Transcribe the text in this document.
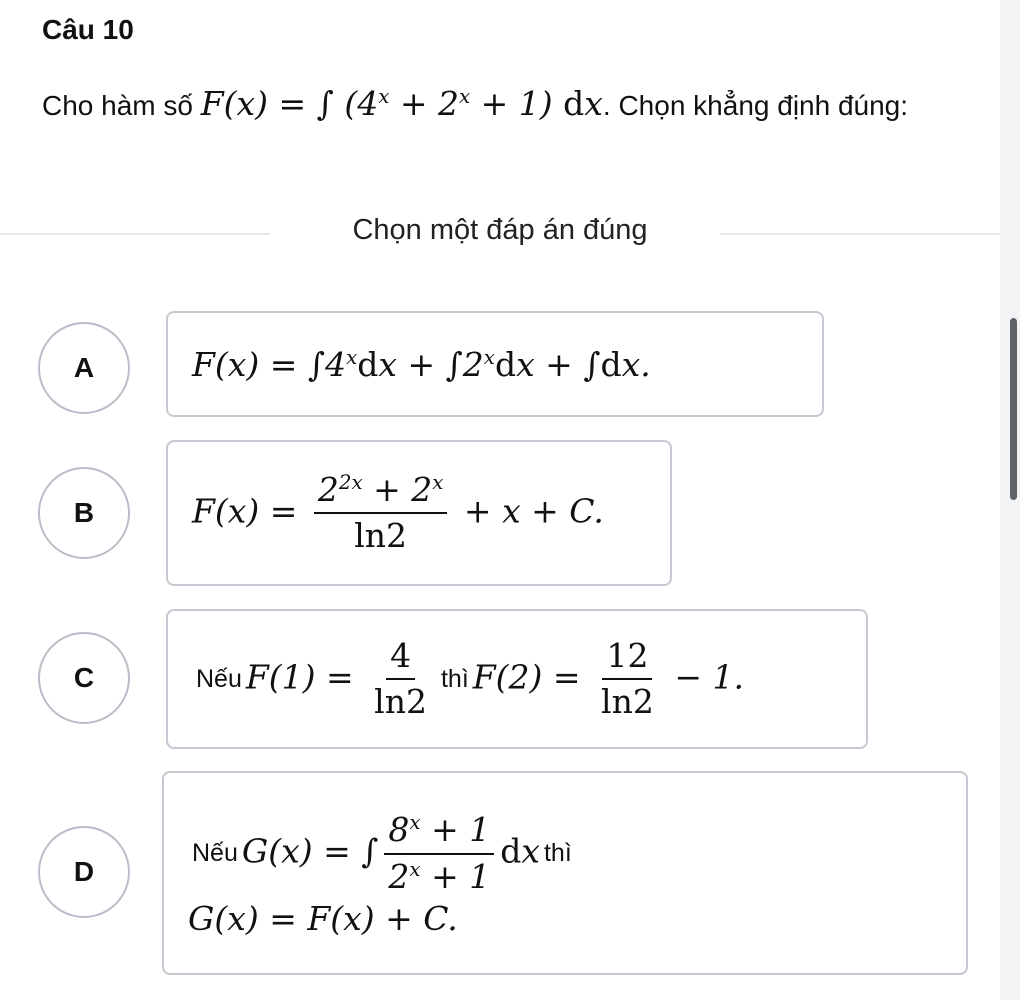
Câu 10
Cho hàm số F(x) = ∫ $(4^x + 2^x + 1)$ dx. Chọn khẳng định đúng:
Chọn một đáp án đúng
A	$F(x) = \int 4^xdx + \int 2^xdx + \int dx$.
B	$F(x) = \frac{2^{2x} + 2^x}{\ln 2} + x + C$.
C	Nếu $F(1) = \frac{4}{\ln 2}$ thì $F(2) = \frac{12}{\ln 2} - 1$.
D
Nếu G(x) = ∫ $\frac{8^x + 1}{2^x + 1}$ dx thì
G(x) = F(x) + C.
